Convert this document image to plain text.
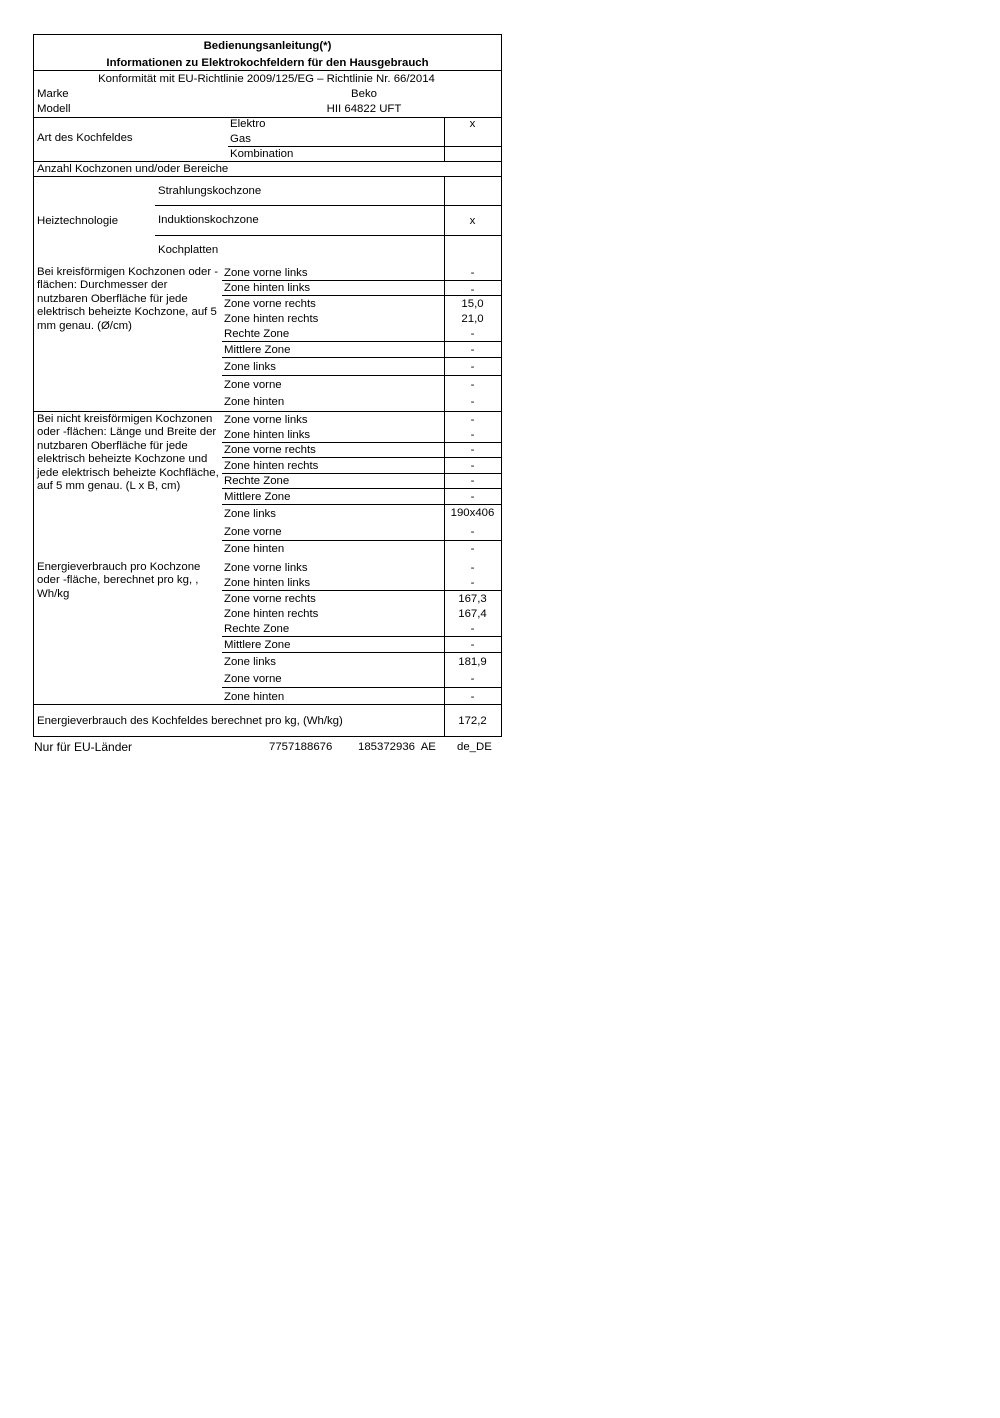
Bedienungsanleitung(*)
Informationen zu Elektrokochfeldern für den Hausgebrauch
Konformität mit EU-Richtlinie 2009/125/EG – Richtlinie Nr. 66/2014
Marke	Beko
Modell	HII 64822 UFT
Art des Kochfeldes
Elektro	x
Gas
Kombination
Anzahl Kochzonen und/oder Bereiche
Heiztechnologie
Strahlungskochzone
Induktionskochzone	x
Kochplatten
Bei kreisförmigen Kochzonen oder -flächen: Durchmesser der nutzbaren Oberfläche für jede elektrisch beheizte Kochzone, auf 5 mm genau. (Ø/cm)
Zone vorne links	-
Zone hinten links	-
Zone vorne rechts	15,0
Zone hinten rechts	21,0
Rechte Zone	-
Mittlere Zone	-
Zone links	-
Zone vorne	-
Zone hinten	-
Bei nicht kreisförmigen Kochzonen oder -flächen: Länge und Breite der nutzbaren Oberfläche für jede elektrisch beheizte Kochzone und jede elektrisch beheizte Kochfläche, auf 5 mm genau. (L x B, cm)
Zone vorne links	-
Zone hinten links	-
Zone vorne rechts	-
Zone hinten rechts	-
Rechte Zone	-
Mittlere Zone	-
Zone links	190x406
Zone vorne	-
Zone hinten	-
Energieverbrauch pro Kochzone oder -fläche, berechnet pro kg, , Wh/kg
Zone vorne links	-
Zone hinten links	-
Zone vorne rechts	167,3
Zone hinten rechts	167,4
Rechte Zone	-
Mittlere Zone	-
Zone links	181,9
Zone vorne	-
Zone hinten	-
Energieverbrauch des Kochfeldes berechnet pro kg, (Wh/kg)	172,2
Nur für EU-Länder	7757188676 185372936  AE de_DE
